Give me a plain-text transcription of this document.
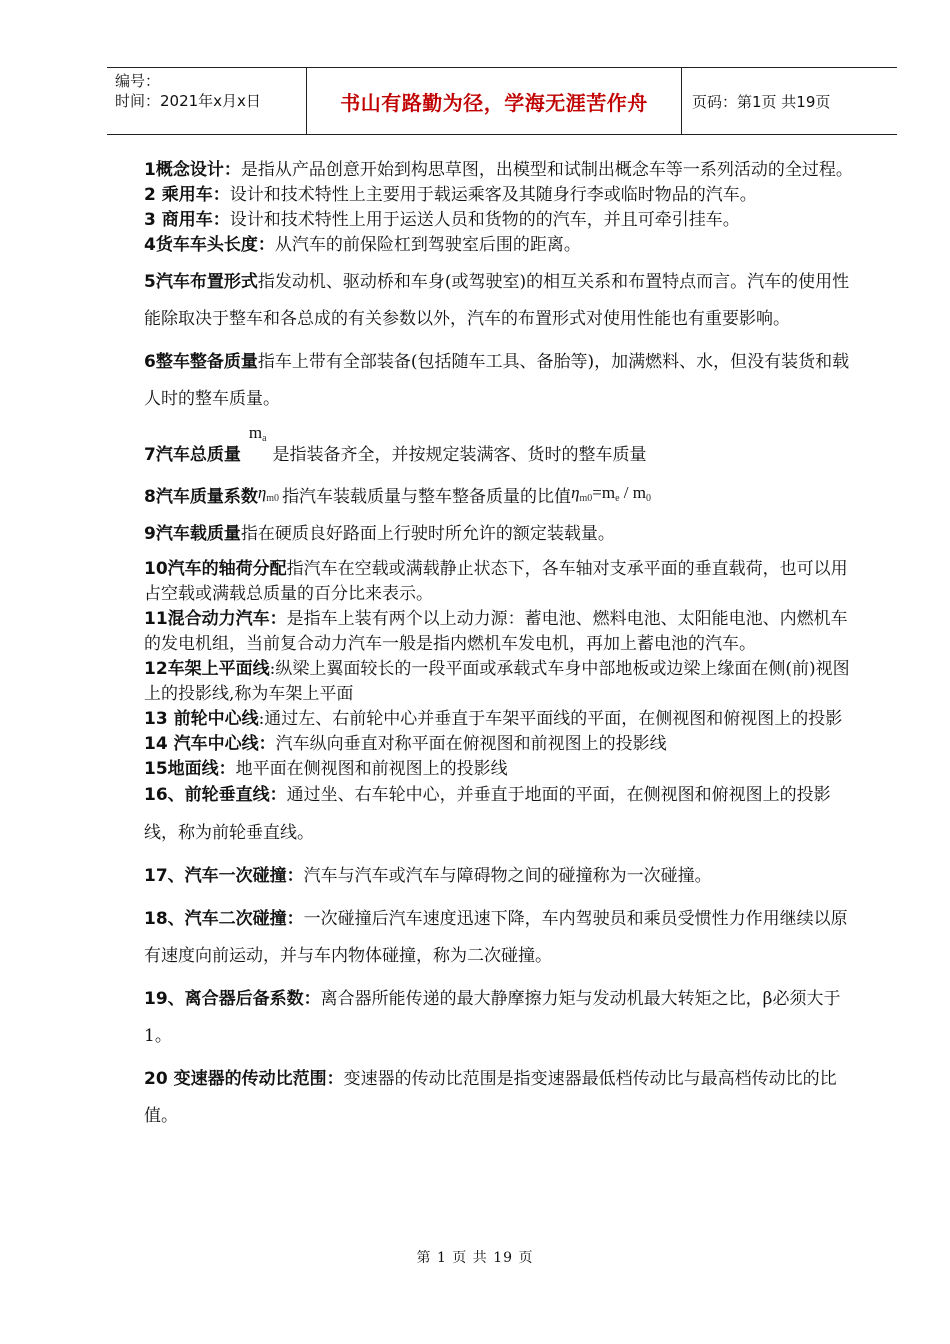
编号：
时间：2021年x月x日	书山有路勤为径，学海无涯苦作舟	页码：第1页 共19页

1概念设计：是指从产品创意开始到构思草图，出模型和试制出概念车等一系列活动的全过程。

2 乘用车：设计和技术特性上主要用于载运乘客及其随身行李或临时物品的汽车。

3 商用车：设计和技术特性上用于运送人员和货物的的汽车，并且可牵引挂车。

4货车车头长度：从汽车的前保险杠到驾驶室后围的距离。

5汽车布置形式指发动机、驱动桥和车身(或驾驶室)的相互关系和布置特点而言。汽车的使用性能除取决于整车和各总成的有关参数以外，汽车的布置形式对使用性能也有重要影响。

6整车整备质量指车上带有全部装备(包括随车工具、备胎等)，加满燃料、水，但没有装货和载人时的整车质量。

7汽车总质量$m_a$是指装备齐全，并按规定装满客、货时的整车质量

8汽车质量系数$\eta_{m0}$ 指汽车装载质量与整车整备质量的比值$\eta_{m0}=m_e / m_0$

9汽车载质量指在硬质良好路面上行驶时所允许的额定装载量。

10汽车的轴荷分配指汽车在空载或满载静止状态下，各车轴对支承平面的垂直载荷，也可以用占空载或满载总质量的百分比来表示。

11混合动力汽车：是指车上装有两个以上动力源：蓄电池、燃料电池、太阳能电池、内燃机车的发电机组，当前复合动力汽车一般是指内燃机车发电机，再加上蓄电池的汽车。

12车架上平面线:纵梁上翼面较长的一段平面或承载式车身中部地板或边梁上缘面在侧(前)视图上的投影线,称为车架上平面

13 前轮中心线:通过左、右前轮中心并垂直于车架平面线的平面，在侧视图和俯视图上的投影

14 汽车中心线：汽车纵向垂直对称平面在俯视图和前视图上的投影线

15地面线：地平面在侧视图和前视图上的投影线

16、前轮垂直线：通过坐、右车轮中心，并垂直于地面的平面，在侧视图和俯视图上的投影线，称为前轮垂直线。

17、汽车一次碰撞：汽车与汽车或汽车与障碍物之间的碰撞称为一次碰撞。

18、汽车二次碰撞：一次碰撞后汽车速度迅速下降，车内驾驶员和乘员受惯性力作用继续以原有速度向前运动，并与车内物体碰撞，称为二次碰撞。

19、离合器后备系数：离合器所能传递的最大静摩擦力矩与发动机最大转矩之比，β必须大于1。

20 变速器的传动比范围：变速器的传动比范围是指变速器最低档传动比与最高档传动比的比值。

第 1 页 共 19 页
